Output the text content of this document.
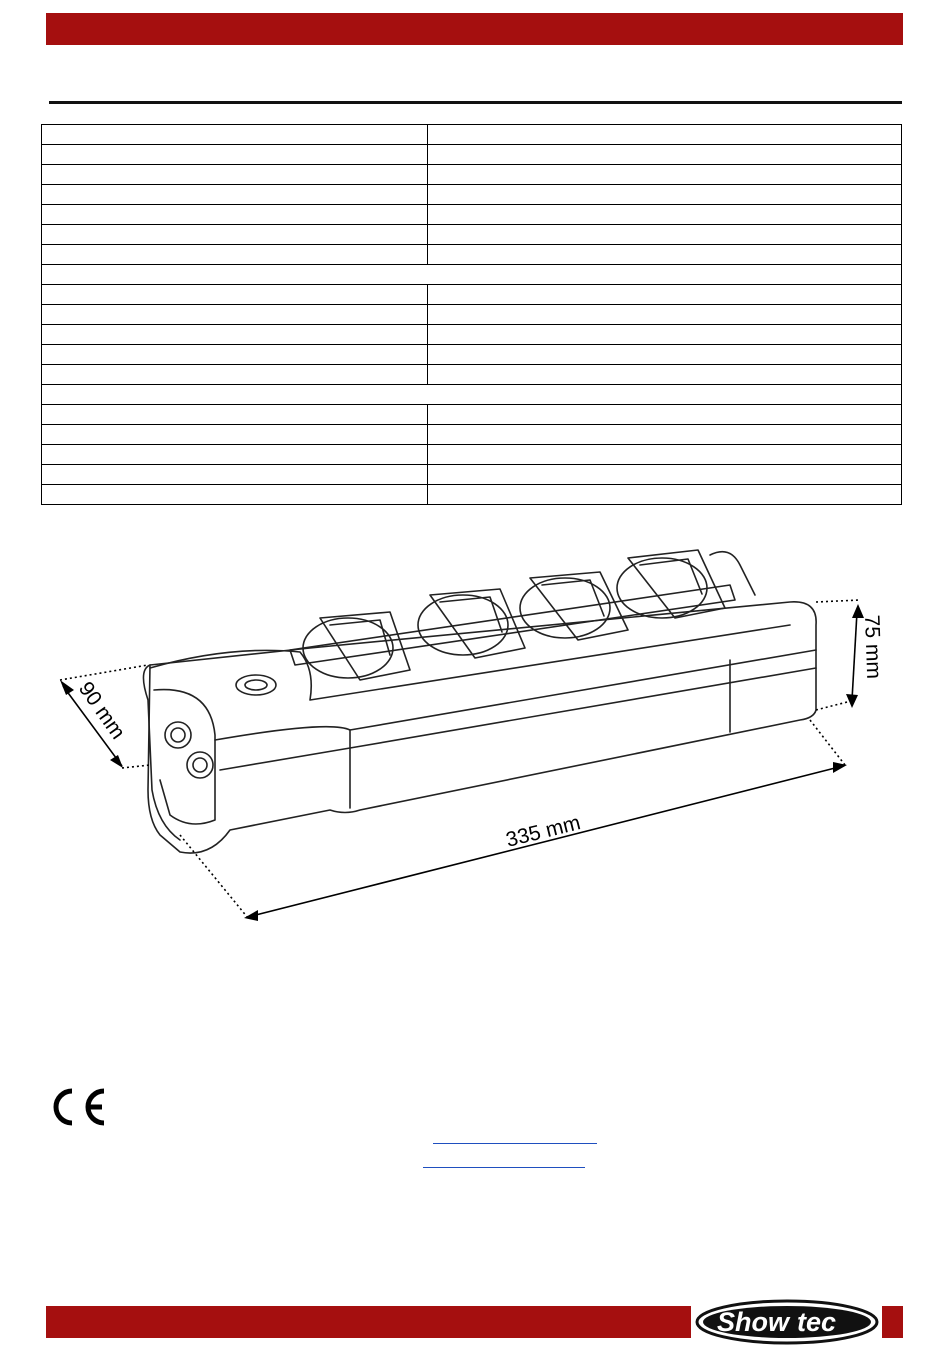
90 mm
75 mm
335 mm
Show tec
